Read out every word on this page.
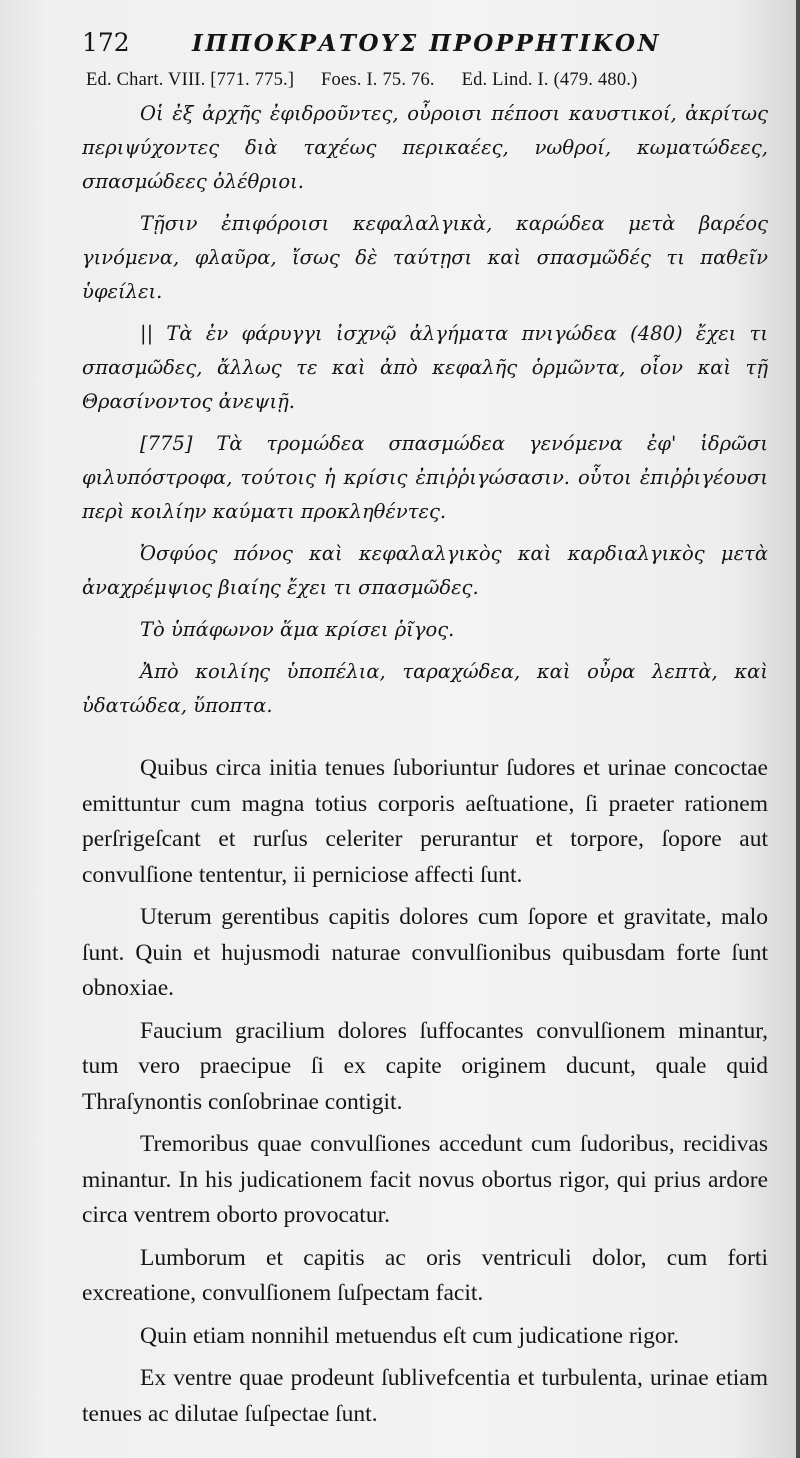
172	ΙΠΠΟΚΡΑΤΟΥΣ ΠΡΟΡΡΗΤΙΚΟΝ
Ed. Chart. VIII. [771. 775.] Foes. I. 75. 76. Ed. Lind. I. (479. 480.)

Οἱ ἐξ ἀρχῆς ἐφιδροῦντες, οὖροισι πέποσι καυστικοί, ἀκρίτως περιψύχοντες διὰ ταχέως περικαέες, νωθροί, κωματώδεες, σπασμώδεες ὀλέθριοι.

Τῇσιν ἐπιφόροισι κεφαλαλγικὰ, καρώδεα μετὰ βαρέος γινόμενα, φλαῦρα, ἴσως δὲ ταύτῃσι καὶ σπασμῶδές τι παθεῖν ὑφείλει.

|| Τὰ ἐν φάρυγγι ἰσχνῷ ἀλγήματα πνιγώδεα (480) ἔχει τι σπασμῶδες, ἄλλως τε καὶ ἀπὸ κεφαλῆς ὁρμῶντα, οἷον καὶ τῇ Θρασίνοντος ἀνεψιῇ.

[775] Τὰ τρομώδεα σπασμώδεα γενόμενα ἐφ' ἱδρῶσι φιλυπόστροφα, τούτοις ἡ κρίσις ἐπιῤῥιγώσασιν. οὗτοι ἐπιῤῥιγέουσι περὶ κοιλίην καύματι προκληθέντες.

Ὀσφύος πόνος καὶ κεφαλαλγικὸς καὶ καρδιαλγικὸς μετὰ ἀναχρέμψιος βιαίης ἔχει τι σπασμῶδες.

Τὸ ὑπάφωνον ἅμα κρίσει ῥῖγος.

Ἀπὸ κοιλίης ὑποπέλια, ταραχώδεα, καὶ οὖρα λεπτὰ, καὶ ὑδατώδεα, ὕποπτα.

Quibus circa initia tenues ſuboriuntur ſudores et urinae concoctae emittuntur cum magna totius corporis aeſtuatione, ſi praeter rationem perſrigeſcant et rurſus celeriter perurantur et torpore, ſopore aut convulſione tententur, ii perniciose affecti ſunt.

Uterum gerentibus capitis dolores cum ſopore et gravitate, malo ſunt. Quin et hujusmodi naturae convulſionibus quibusdam forte ſunt obnoxiae.

Faucium gracilium dolores ſuffocantes convulſionem minantur, tum vero praecipue ſi ex capite originem ducunt, quale quid Thraſynontis conſobrinae contigit.

Tremoribus quae convulſiones accedunt cum ſudoribus, recidivas minantur. In his judicationem facit novus obortus rigor, qui prius ardore circa ventrem oborto provocatur.

Lumborum et capitis ac oris ventriculi dolor, cum forti excreatione, convulſionem ſuſpectam facit.

Quin etiam nonnihil metuendus eſt cum judicatione rigor.

Ex ventre quae prodeunt ſublivefcentia et turbulenta, urinae etiam tenues ac dilutae ſuſpectae ſunt.
